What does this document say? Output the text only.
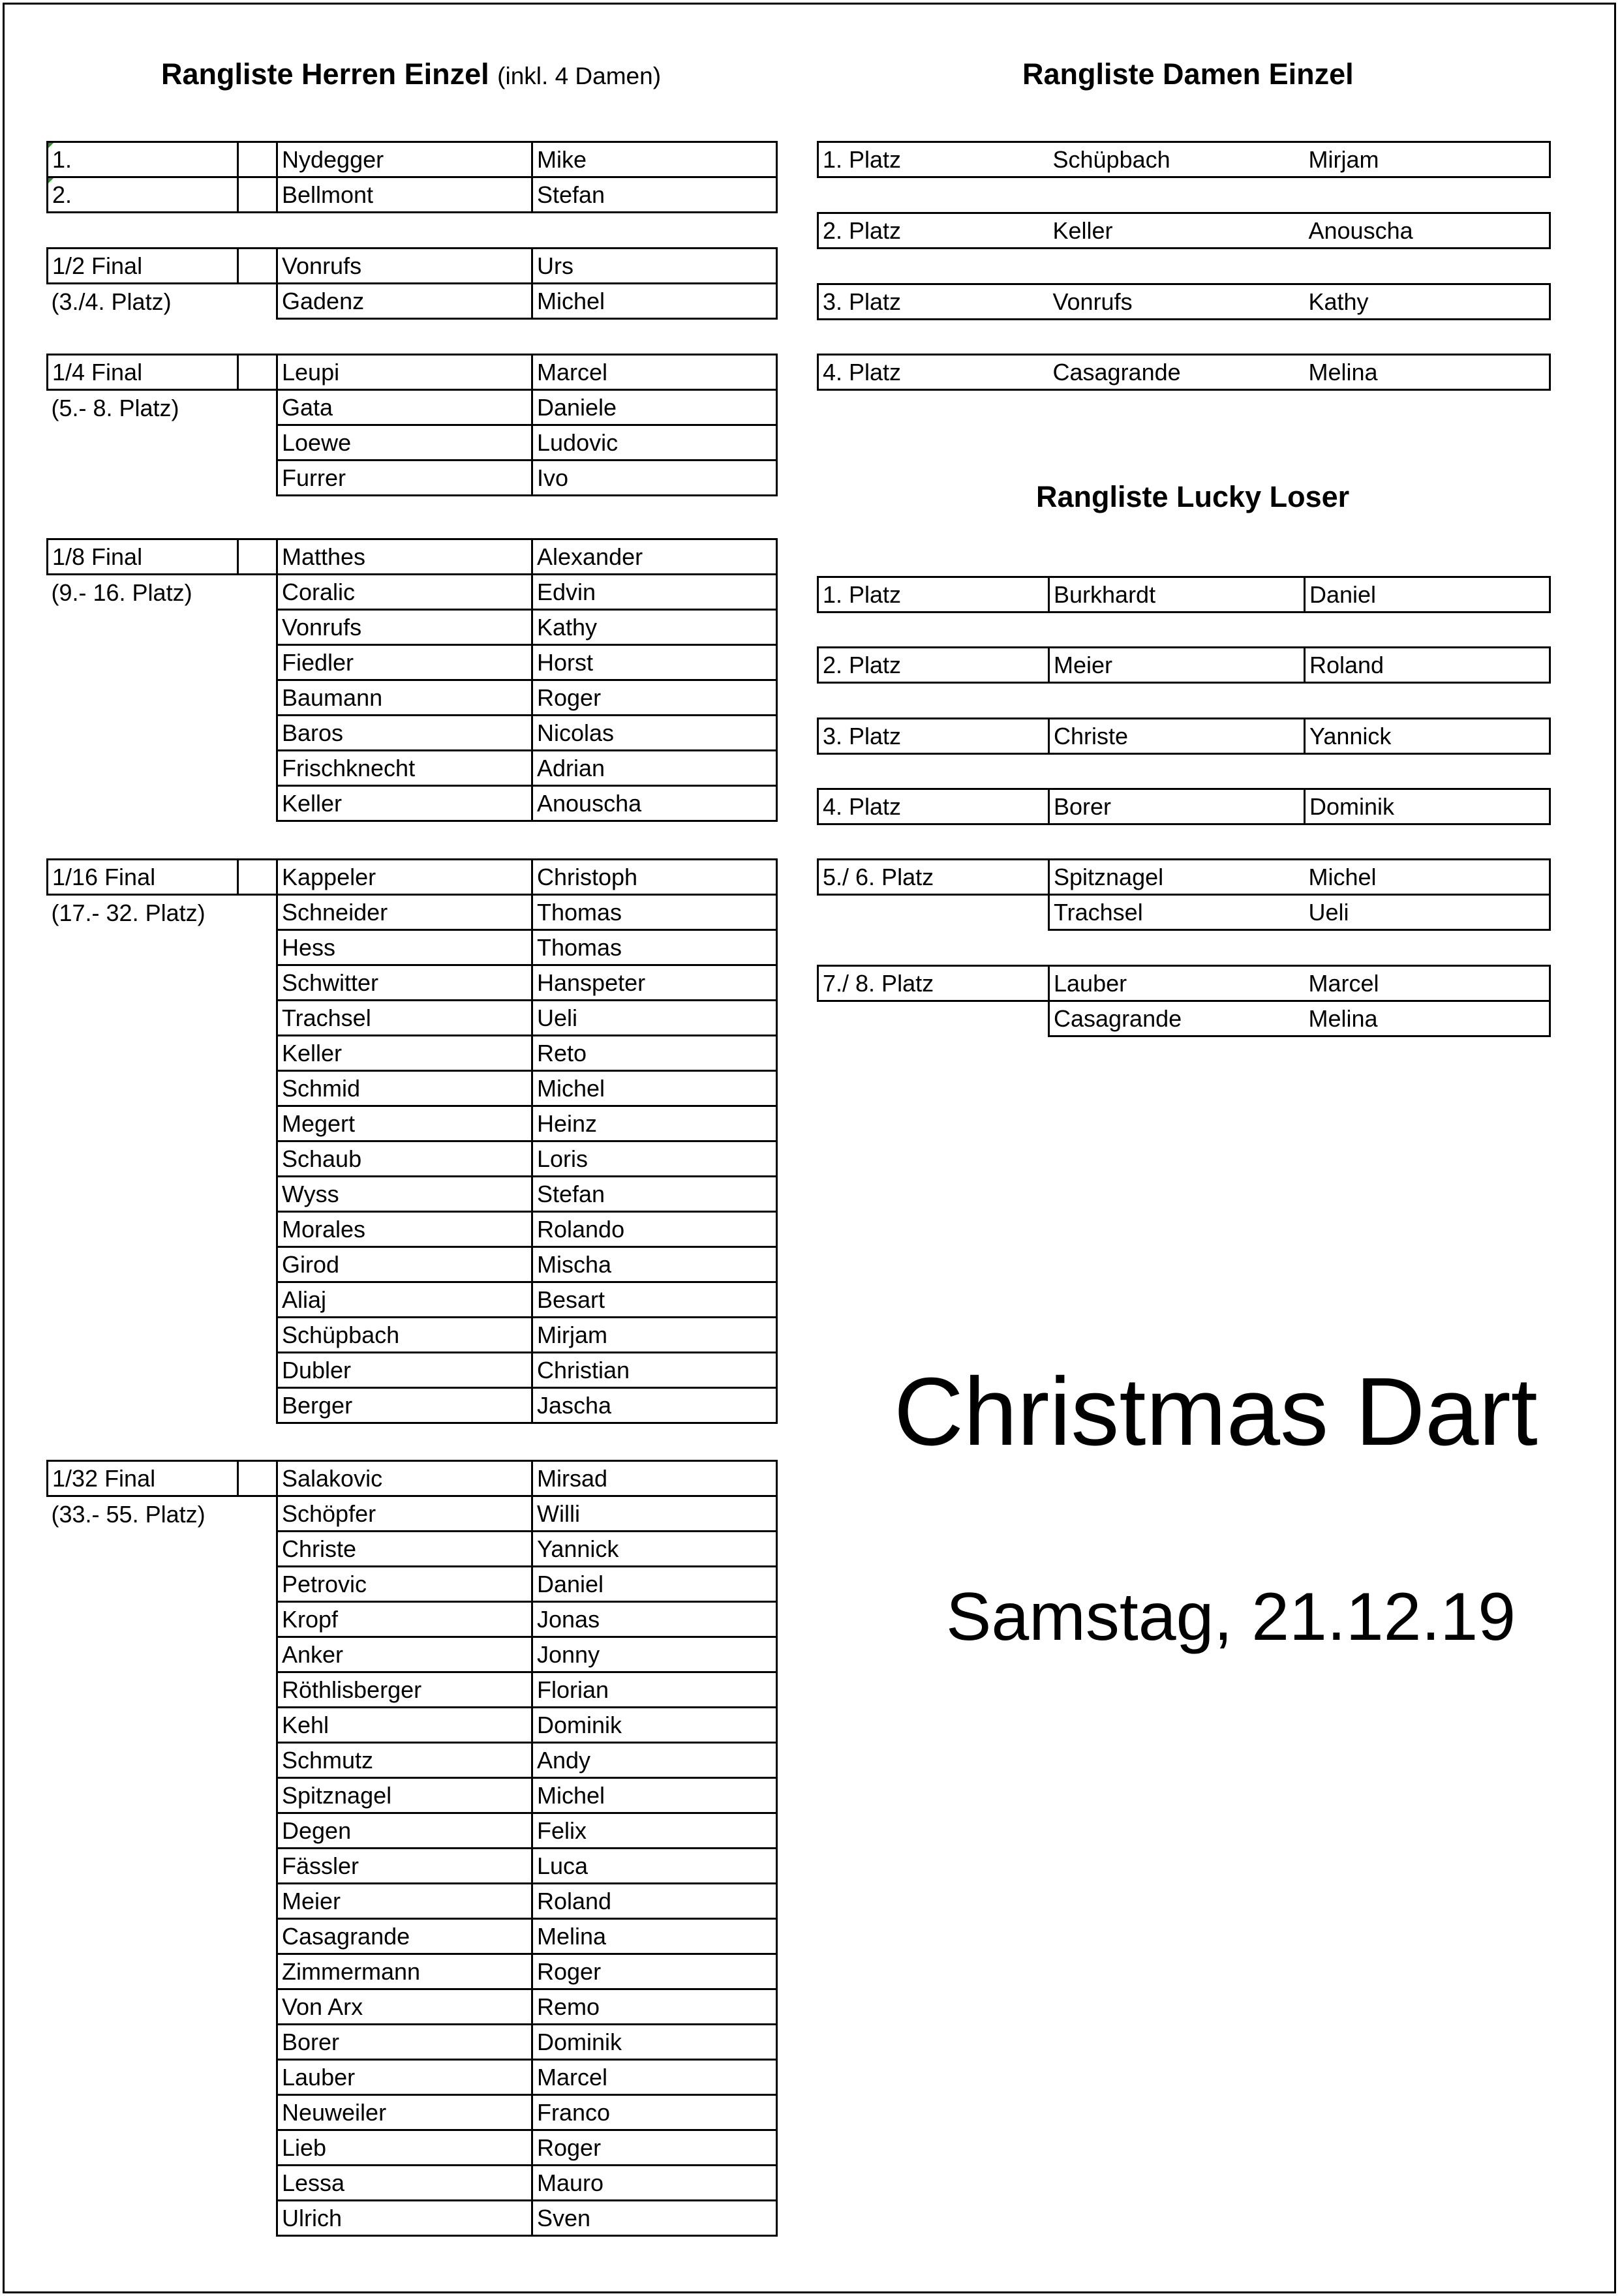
Rangliste Herren Einzel (inkl. 4 Damen)
1.		Nydegger	Mike
2.		Bellmont	Stefan
1/2 Final		Vonrufs	Urs
(3./4. Platz)		Gadenz	Michel
1/4 Final		Leupi	Marcel
(5.- 8. Platz)		Gata	Daniele
		Loewe	Ludovic
		Furrer	Ivo
1/8 Final		Matthes	Alexander
(9.- 16. Platz)		Coralic	Edvin
		Vonrufs	Kathy
		Fiedler	Horst
		Baumann	Roger
		Baros	Nicolas
		Frischknecht	Adrian
		Keller	Anouscha
1/16 Final		Kappeler	Christoph
(17.- 32. Platz)		Schneider	Thomas
		Hess	Thomas
		Schwitter	Hanspeter
		Trachsel	Ueli
		Keller	Reto
		Schmid	Michel
		Megert	Heinz
		Schaub	Loris
		Wyss	Stefan
		Morales	Rolando
		Girod	Mischa
		Aliaj	Besart
		Schüpbach	Mirjam
		Dubler	Christian
		Berger	Jascha
1/32 Final		Salakovic	Mirsad
(33.- 55. Platz)		Schöpfer	Willi
		Christe	Yannick
		Petrovic	Daniel
		Kropf	Jonas
		Anker	Jonny
		Röthlisberger	Florian
		Kehl	Dominik
		Schmutz	Andy
		Spitznagel	Michel
		Degen	Felix
		Fässler	Luca
		Meier	Roland
		Casagrande	Melina
		Zimmermann	Roger
		Von Arx	Remo
		Borer	Dominik
		Lauber	Marcel
		Neuweiler	Franco
		Lieb	Roger
		Lessa	Mauro
		Ulrich	Sven
Rangliste Damen Einzel
1. Platz	Schüpbach	Mirjam
2. Platz	Keller	Anouscha
3. Platz	Vonrufs	Kathy
4. Platz	Casagrande	Melina
Rangliste Lucky Loser
1. Platz	Burkhardt	Daniel
2. Platz	Meier	Roland
3. Platz	Christe	Yannick
4. Platz	Borer	Dominik
5./ 6. Platz	Spitznagel	Michel
	Trachsel	Ueli
7./ 8. Platz	Lauber	Marcel
	Casagrande	Melina
Christmas Dart
Samstag, 21.12.19
